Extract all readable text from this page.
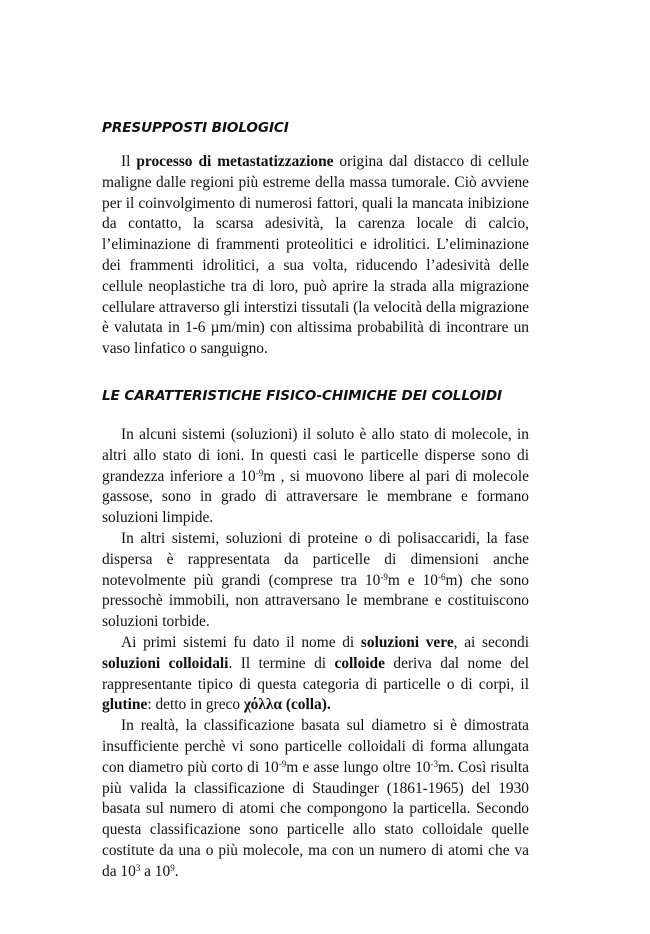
PRESUPPOSTI BIOLOGICI

Il processo di metastatizzazione origina dal distacco di cellule maligne dalle regioni più estreme della massa tumorale. Ciò avviene per il coinvolgimento di numerosi fattori, quali la mancata inibizione da contatto, la scarsa adesività, la carenza locale di calcio, l’eliminazione di frammenti proteolitici e idrolitici. L’eliminazione dei frammenti idrolitici, a sua volta, riducendo l’adesività delle cellule neoplastiche tra di loro, può aprire la strada alla migrazione cellulare attraverso gli interstizi tissutali (la velocità della migrazione è valutata in 1-6 µm/min) con altissima probabilità di incontrare un vaso linfatico o sanguigno.

LE CARATTERISTICHE FISICO-CHIMICHE DEI COLLOIDI

In alcuni sistemi (soluzioni) il soluto è allo stato di molecole, in altri allo stato di ioni. In questi casi le particelle disperse sono di grandezza inferiore a $10^{-9}m$ , si muovono libere al pari di molecole gassose, sono in grado di attraversare le membrane e formano soluzioni limpide.

In altri sistemi, soluzioni di proteine o di polisaccaridi, la fase dispersa è rappresentata da particelle di dimensioni anche notevolmente più grandi (comprese tra $10^{-9}m$ e $10^{-6}m$) che sono pressochè immobili, non attraversano le membrane e costituiscono soluzioni torbide.

Ai primi sistemi fu dato il nome di soluzioni vere, ai secondi soluzioni colloidali. Il termine di colloide deriva dal nome del rappresentante tipico di questa categoria di particelle o di corpi, il glutine: detto in greco χόλλα (colla).

In realtà, la classificazione basata sul diametro si è dimostrata insufficiente perchè vi sono particelle colloidali di forma allungata con diametro più corto di $10^{-9}m$ e asse lungo oltre $10^{-3}m$. Così risulta più valida la classificazione di Staudinger (1861-1965) del 1930 basata sul numero di atomi che compongono la particella. Secondo questa classificazione sono particelle allo stato colloidale quelle costitute da una o più molecole, ma con un numero di atomi che va da $10^3$ a $10^9$.
